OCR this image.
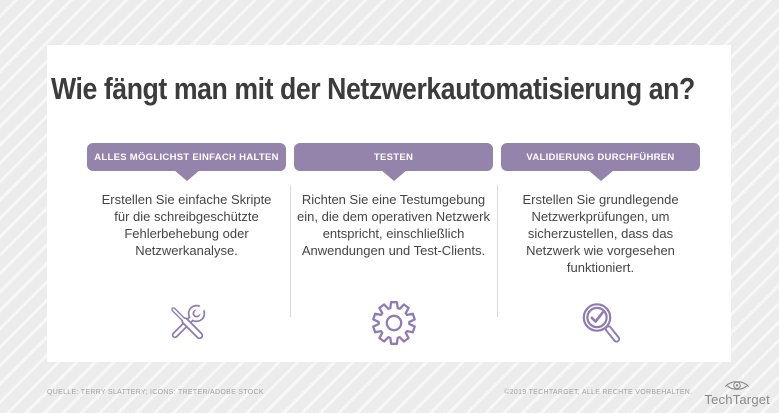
Wie fängt man mit der Netzwerkautomatisierung an?
ALLES MÖGLICHST EINFACH HALTEN
Erstellen Sie einfache Skripte für die schreibgeschützte Fehlerbehebung oder Netzwerkanalyse.
TESTEN
Richten Sie eine Testumgebung ein, die dem operativen Netzwerk entspricht, einschließlich Anwendungen und Test-Clients.
VALIDIERUNG DURCHFÜHREN
Erstellen Sie grundlegende Netzwerkprüfungen, um sicherzustellen, dass das Netzwerk wie vorgesehen funktioniert.
QUELLE: TERRY SLATTERY; ICONS: TRETER/ADOBE STOCK	©2019 TECHTARGET, ALLE RECHTE VORBEHALTEN. TechTarget
